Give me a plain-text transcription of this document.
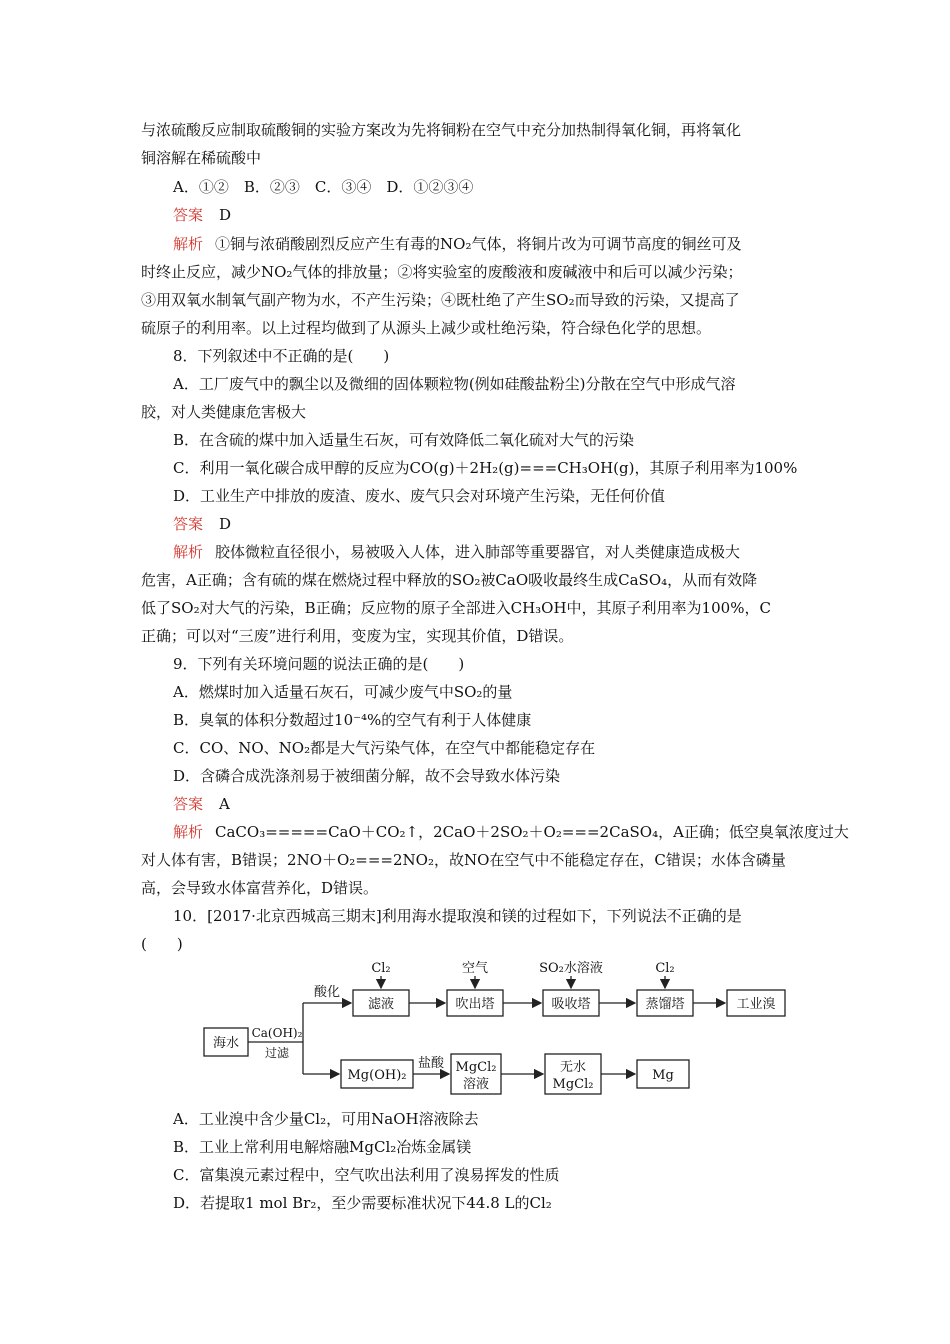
与浓硫酸反应制取硫酸铜的实验方案改为先将铜粉在空气中充分加热制得氧化铜，再将氧化
铜溶解在稀硫酸中
A．①②　B．②③　C．③④　D．①②③④
答案 D
解析 ①铜与浓硝酸剧烈反应产生有毒的NO₂气体，将铜片改为可调节高度的铜丝可及
时终止反应，减少NO₂气体的排放量；②将实验室的废酸液和废碱液中和后可以减少污染；
③用双氧水制氧气副产物为水，不产生污染；④既杜绝了产生SO₂而导致的污染，又提高了
硫原子的利用率。以上过程均做到了从源头上减少或杜绝污染，符合绿色化学的思想。
8．下列叙述中不正确的是(　　)
A．工厂废气中的飘尘以及微细的固体颗粒物(例如硅酸盐粉尘)分散在空气中形成气溶
胶，对人类健康危害极大
B．在含硫的煤中加入适量生石灰，可有效降低二氧化硫对大气的污染
C．利用一氧化碳合成甲醇的反应为CO(g)＋2H₂(g)===CH₃OH(g)，其原子利用率为100%
D．工业生产中排放的废渣、废水、废气只会对环境产生污染，无任何价值
答案 D
解析 胶体微粒直径很小，易被吸入人体，进入肺部等重要器官，对人类健康造成极大
危害，A正确；含有硫的煤在燃烧过程中释放的SO₂被CaO吸收最终生成CaSO₄，从而有效降
低了SO₂对大气的污染，B正确；反应物的原子全部进入CH₃OH中，其原子利用率为100%，C
正确；可以对“三废”进行利用，变废为宝，实现其价值，D错误。
9．下列有关环境问题的说法正确的是(　　)
A．燃煤时加入适量石灰石，可减少废气中SO₂的量
B．臭氧的体积分数超过10⁻⁴%的空气有利于人体健康
C．CO、NO、NO₂都是大气污染气体，在空气中都能稳定存在
D．含磷合成洗涤剂易于被细菌分解，故不会导致水体污染
答案 A
解析 CaCO₃=====CaO＋CO₂↑，2CaO＋2SO₂＋O₂===2CaSO₄，A正确；低空臭氧浓度过大
对人体有害，B错误；2NO＋O₂===2NO₂，故NO在空气中不能稳定存在，C错误；水体含磷量
高，会导致水体富营养化，D错误。
10．[2017·北京西城高三期末]利用海水提取溴和镁的过程如下，下列说法不正确的是
(　　)
海水
Ca(OH)₂
过滤
酸化
滤液	吹出塔	吸收塔	蒸馏塔	工业溴
Cl₂	空气	SO₂水溶液	Cl₂
Mg(OH)₂
盐酸 MgCl₂
溶液
无水
MgCl₂
Mg
A．工业溴中含少量Cl₂，可用NaOH溶液除去
B．工业上常利用电解熔融MgCl₂冶炼金属镁
C．富集溴元素过程中，空气吹出法利用了溴易挥发的性质
D．若提取1 mol Br₂，至少需要标准状况下44.8 L的Cl₂
